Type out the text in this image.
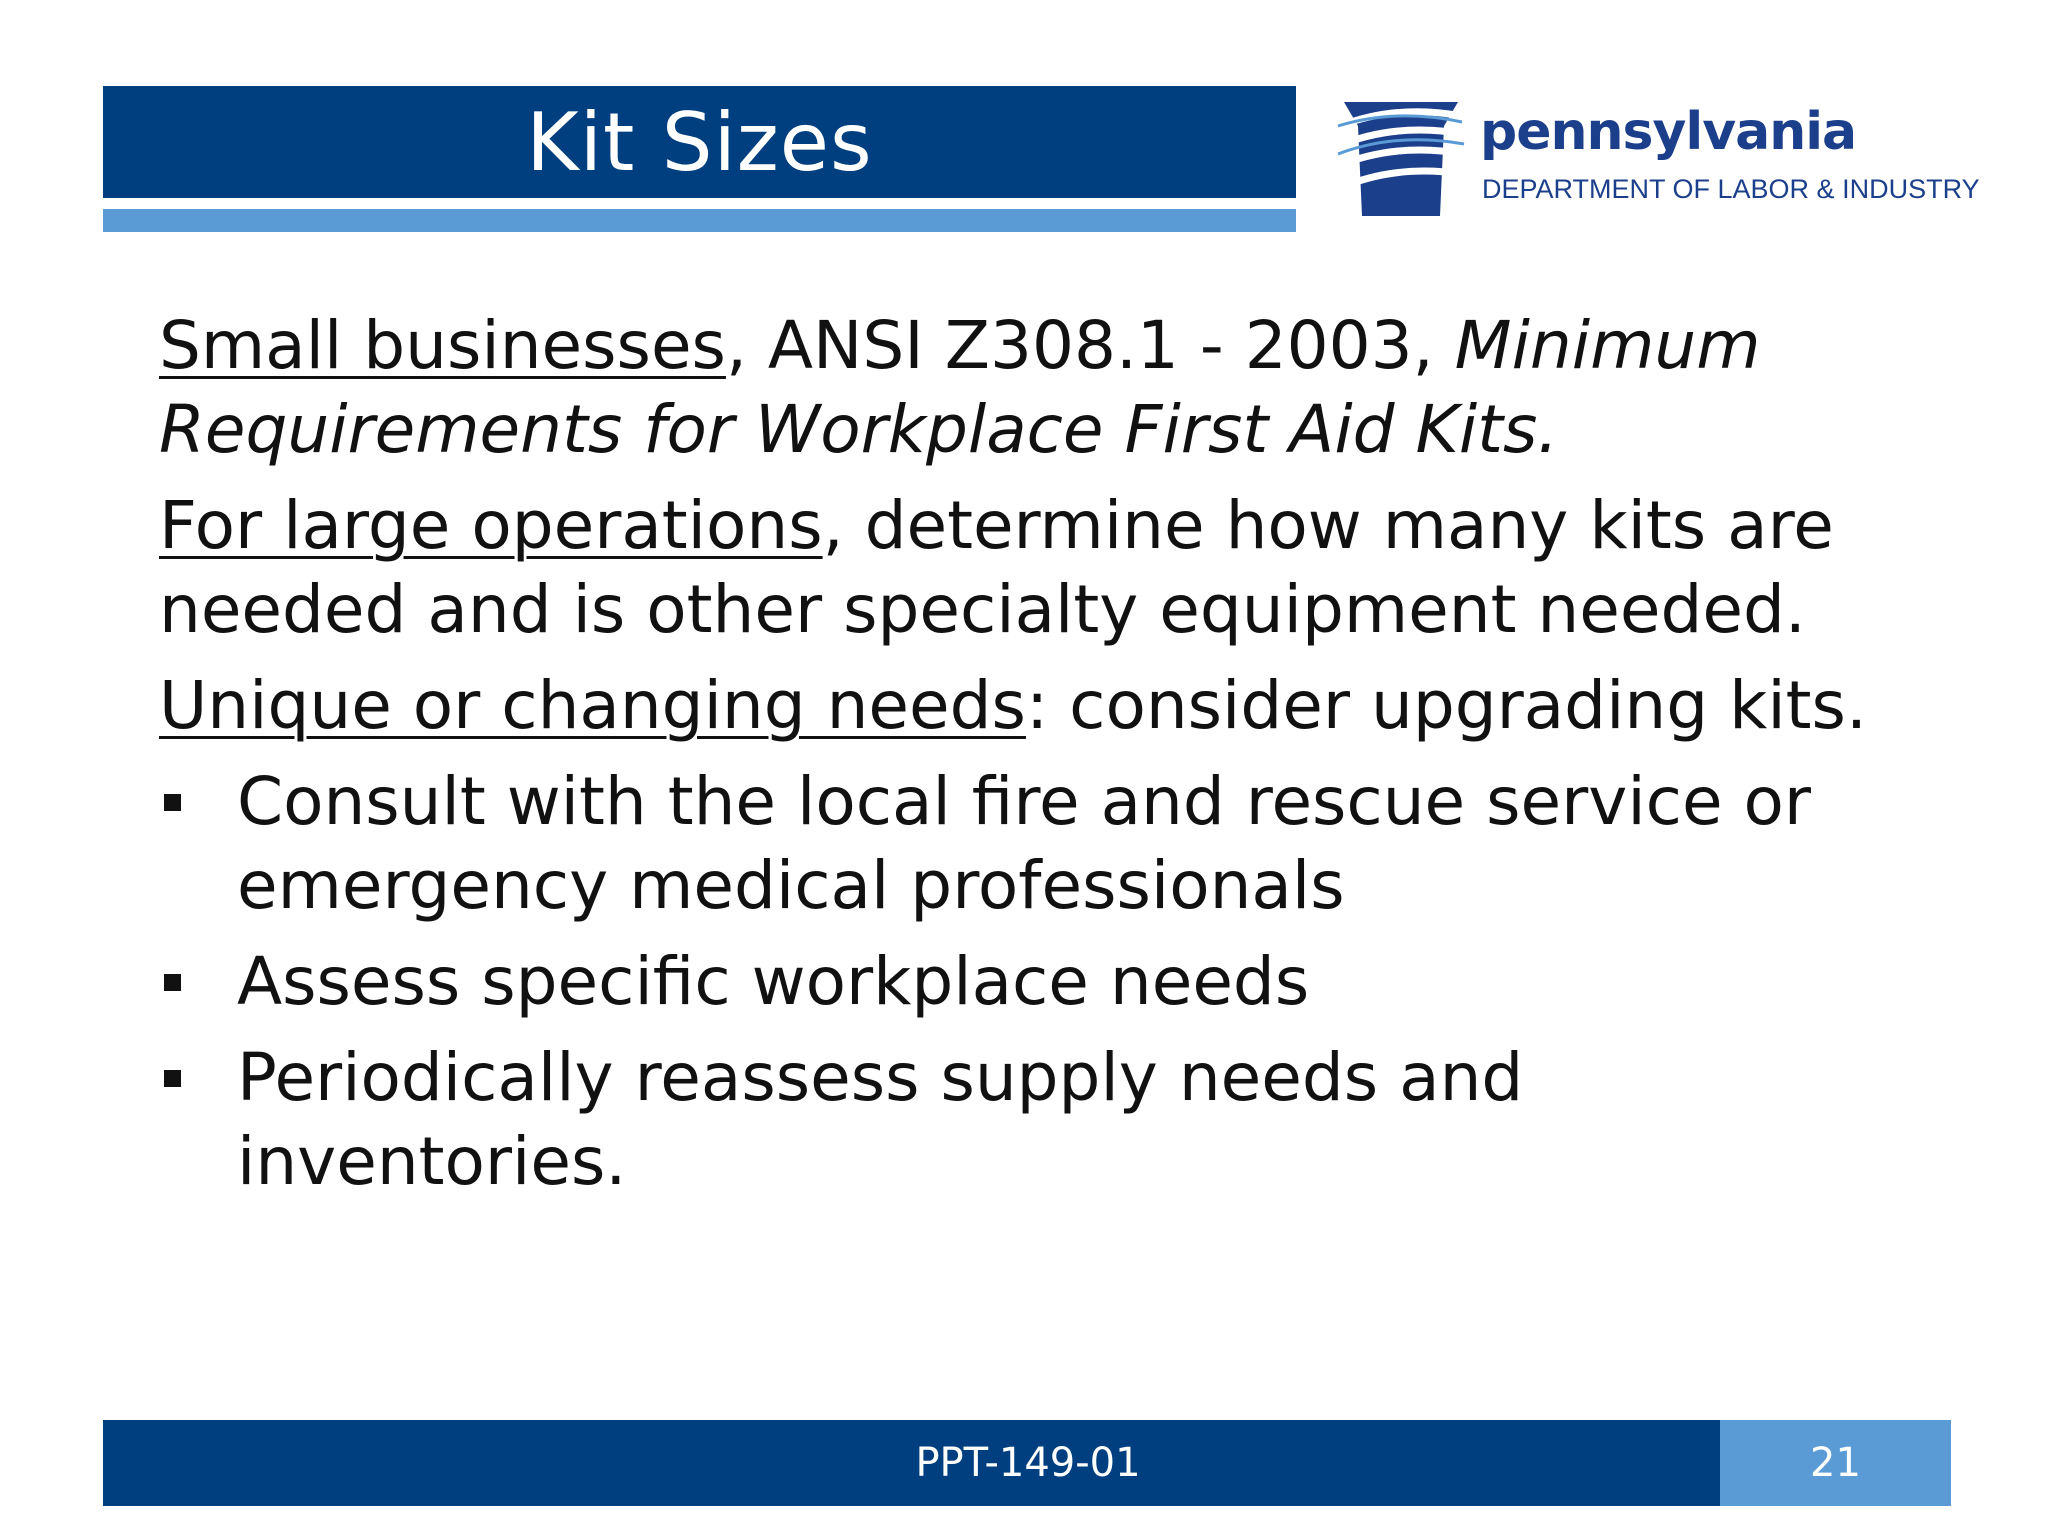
Kit Sizes	pennsylvania
DEPARTMENT OF LABOR & INDUSTRY

Small businesses, ANSI Z308.1 - 2003, Minimum Requirements for Workplace First Aid Kits.

For large operations, determine how many kits are needed and is other specialty equipment needed.

Unique or changing needs: consider upgrading kits.

Consult with the local fire and rescue service or emergency medical professionals
Assess specific workplace needs
Periodically reassess supply needs and inventories.
PPT-149-01	21
